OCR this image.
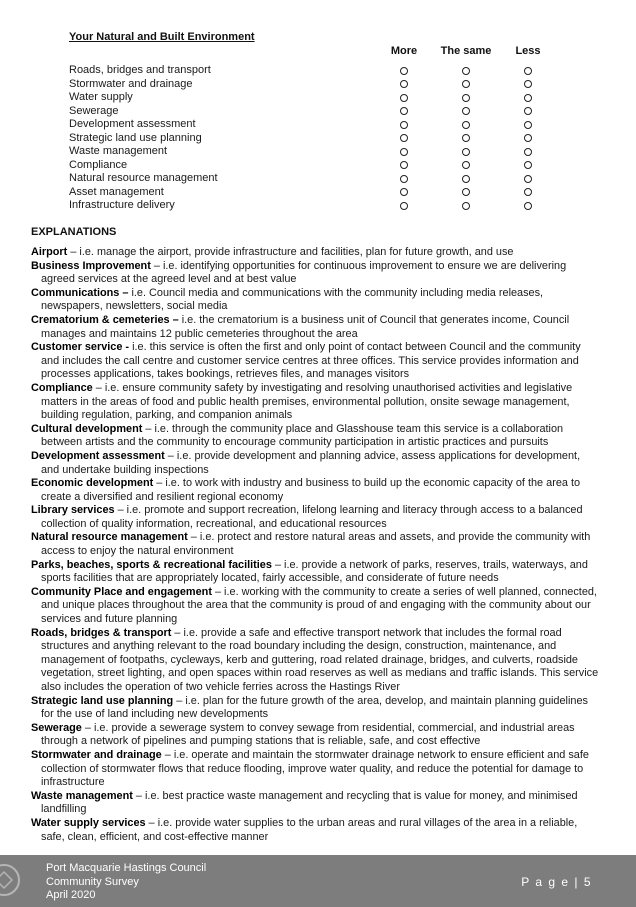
Your Natural and Built Environment
More	The same	Less
Roads, bridges and transport
Stormwater and drainage
Water supply
Sewerage
Development assessment
Strategic land use planning
Waste management
Compliance
Natural resource management
Asset management
Infrastructure delivery
EXPLANATIONS

Airport – i.e. manage the airport, provide infrastructure and facilities, plan for future growth, and use

Business Improvement – i.e. identifying opportunities for continuous improvement to ensure we are delivering agreed services at the agreed level and at best value

Communications – i.e. Council media and communications with the community including media releases, newspapers, newsletters, social media

Crematorium & cemeteries – i.e. the crematorium is a business unit of Council that generates income, Council manages and maintains 12 public cemeteries throughout the area

Customer service - i.e. this service is often the first and only point of contact between Council and the community and includes the call centre and customer service centres at three offices. This service provides information and processes applications, takes bookings, retrieves files, and manages visitors

Compliance – i.e. ensure community safety by investigating and resolving unauthorised activities and legislative matters in the areas of food and public health premises, environmental pollution, onsite sewage management, building regulation, parking, and companion animals

Cultural development – i.e. through the community place and Glasshouse team this service is a collaboration between artists and the community to encourage community participation in artistic practices and pursuits

Development assessment – i.e. provide development and planning advice, assess applications for development, and undertake building inspections

Economic development – i.e. to work with industry and business to build up the economic capacity of the area to create a diversified and resilient regional economy

Library services – i.e. promote and support recreation, lifelong learning and literacy through access to a balanced collection of quality information, recreational, and educational resources

Natural resource management – i.e. protect and restore natural areas and assets, and provide the community with access to enjoy the natural environment

Parks, beaches, sports & recreational facilities – i.e. provide a network of parks, reserves, trails, waterways, and sports facilities that are appropriately located, fairly accessible, and considerate of future needs

Community Place and engagement – i.e. working with the community to create a series of well planned, connected, and unique places throughout the area that the community is proud of and engaging with the community about our services and future planning

Roads, bridges & transport – i.e. provide a safe and effective transport network that includes the formal road structures and anything relevant to the road boundary including the design, construction, maintenance, and management of footpaths, cycleways, kerb and guttering, road related drainage, bridges, and culverts, roadside vegetation, street lighting, and open spaces within road reserves as well as medians and traffic islands. This service also includes the operation of two vehicle ferries across the Hastings River

Strategic land use planning – i.e. plan for the future growth of the area, develop, and maintain planning guidelines for the use of land including new developments

Sewerage – i.e. provide a sewerage system to convey sewage from residential, commercial, and industrial areas through a network of pipelines and pumping stations that is reliable, safe, and cost effective

Stormwater and drainage – i.e. operate and maintain the stormwater drainage network to ensure efficient and safe collection of stormwater flows that reduce flooding, improve water quality, and reduce the potential for damage to infrastructure

Waste management – i.e. best practice waste management and recycling that is value for money, and minimised landfilling

Water supply services – i.e. provide water supplies to the urban areas and rural villages of the area in a reliable, safe, clean, efficient, and cost-effective manner

Port Macquarie Hastings Council
Community Survey
April 2020
P a g e | 5
